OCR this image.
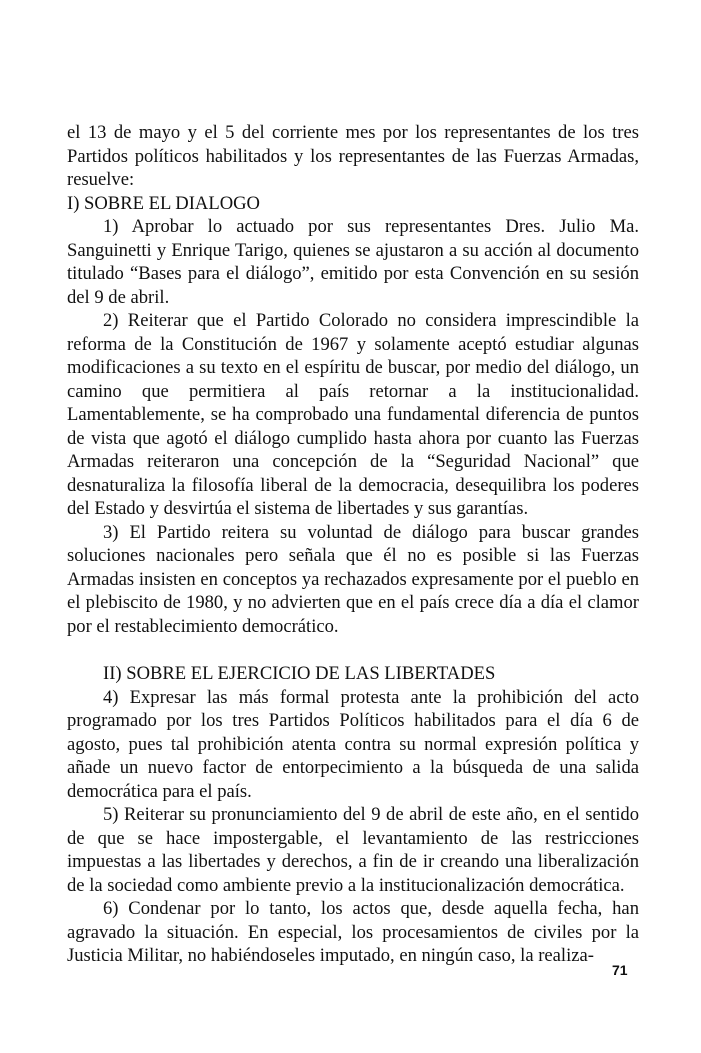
el 13 de mayo y el 5 del corriente mes por los representantes de los tres Partidos políticos habilitados y los representantes de las Fuerzas Armadas, resuelve:

I) SOBRE EL DIALOGO

1) Aprobar lo actuado por sus representantes Dres. Julio Ma. Sanguinetti y Enrique Tarigo, quienes se ajustaron a su acción al documento titulado “Bases para el diálogo”, emitido por esta Convención en su sesión del 9 de abril.

2) Reiterar que el Partido Colorado no considera imprescindible la reforma de la Constitución de 1967 y solamente aceptó estudiar algunas modificaciones a su texto en el espíritu de buscar, por medio del diálogo, un camino que permitiera al país retornar a la institucionalidad. Lamentablemente, se ha comprobado una fundamental diferencia de puntos de vista que agotó el diálogo cumplido hasta ahora por cuanto las Fuerzas Armadas reiteraron una concepción de la “Seguridad Nacional” que desnaturaliza la filosofía liberal de la democracia, desequilibra los poderes del Estado y desvirtúa el sistema de libertades y sus garantías.

3) El Partido reitera su voluntad de diálogo para buscar grandes soluciones nacionales pero señala que él no es posible si las Fuerzas Armadas insisten en conceptos ya rechazados expresamente por el pueblo en el plebiscito de 1980, y no advierten que en el país crece día a día el clamor por el restablecimiento democrático.

II) SOBRE EL EJERCICIO DE LAS LIBERTADES

4) Expresar las más formal protesta ante la prohibición del acto programado por los tres Partidos Políticos habilitados para el día 6 de agosto, pues tal prohibición atenta contra su normal expresión política y añade un nuevo factor de entorpecimiento a la búsqueda de una salida democrática para el país.

5) Reiterar su pronunciamiento del 9 de abril de este año, en el sentido de que se hace impostergable, el levantamiento de las restricciones impuestas a las libertades y derechos, a fin de ir creando una liberalización de la sociedad como ambiente previo a la institucionalización democrática.

6) Condenar por lo tanto, los actos que, desde aquella fecha, han agravado la situación. En especial, los procesamientos de civiles por la Justicia Militar, no habiéndoseles imputado, en ningún caso, la realiza-

71
